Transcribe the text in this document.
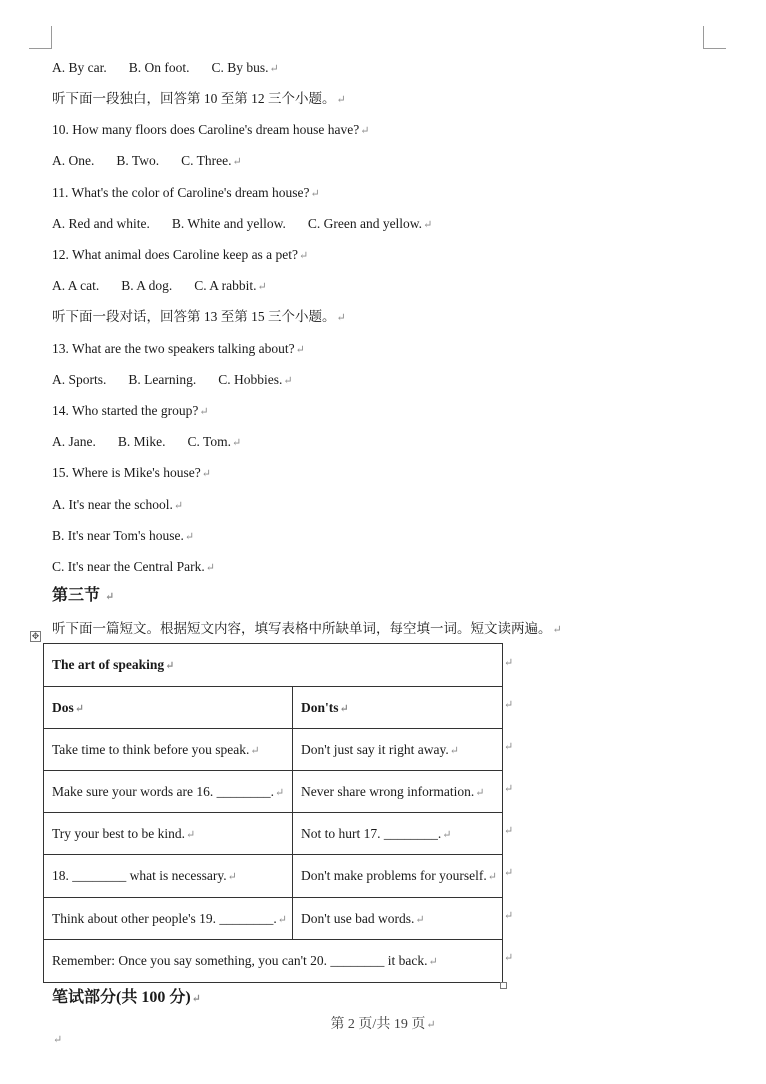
A. By car. B. On foot. C. By bus.↵
听下面一段独白，回答第 10 至第 12 三个小题。↵
10. How many floors does Caroline's dream house have?↵
A. One. B. Two. C. Three.↵
11. What's the color of Caroline's dream house?↵
A. Red and white. B. White and yellow. C. Green and yellow.↵
12. What animal does Caroline keep as a pet?↵
A. A cat. B. A dog. C. A rabbit.↵
听下面一段对话，回答第 13 至第 15 三个小题。↵
13. What are the two speakers talking about?↵
A. Sports. B. Learning. C. Hobbies.↵
14. Who started the group?↵
A. Jane. B. Mike. C. Tom.↵
15. Where is Mike's house?↵
A. It's near the school.↵
B. It's near Tom's house.↵
C. It's near the Central Park.↵
第三节 ↵
听下面一篇短文。根据短文内容，填写表格中所缺单词，每空填一词。短文读两遍。↵
✥
The art of speaking↵	
Dos↵	Don'ts↵
Take time to think before you speak.↵	Don't just say it right away.↵
Make sure your words are 16. ________.↵	Never share wrong information.↵
Try your best to be kind.↵	Not to hurt 17. ________.↵
18. ________ what is necessary.↵	Don't make problems for yourself.↵
Think about other people's 19. ________.↵	Don't use bad words.↵
Remember: Once you say something, you can't 20. ________ it back.↵	
↵
↵
↵
↵
↵
↵
↵
↵
笔试部分(共 100 分)↵
第 2 页/共 19 页↵
↵
